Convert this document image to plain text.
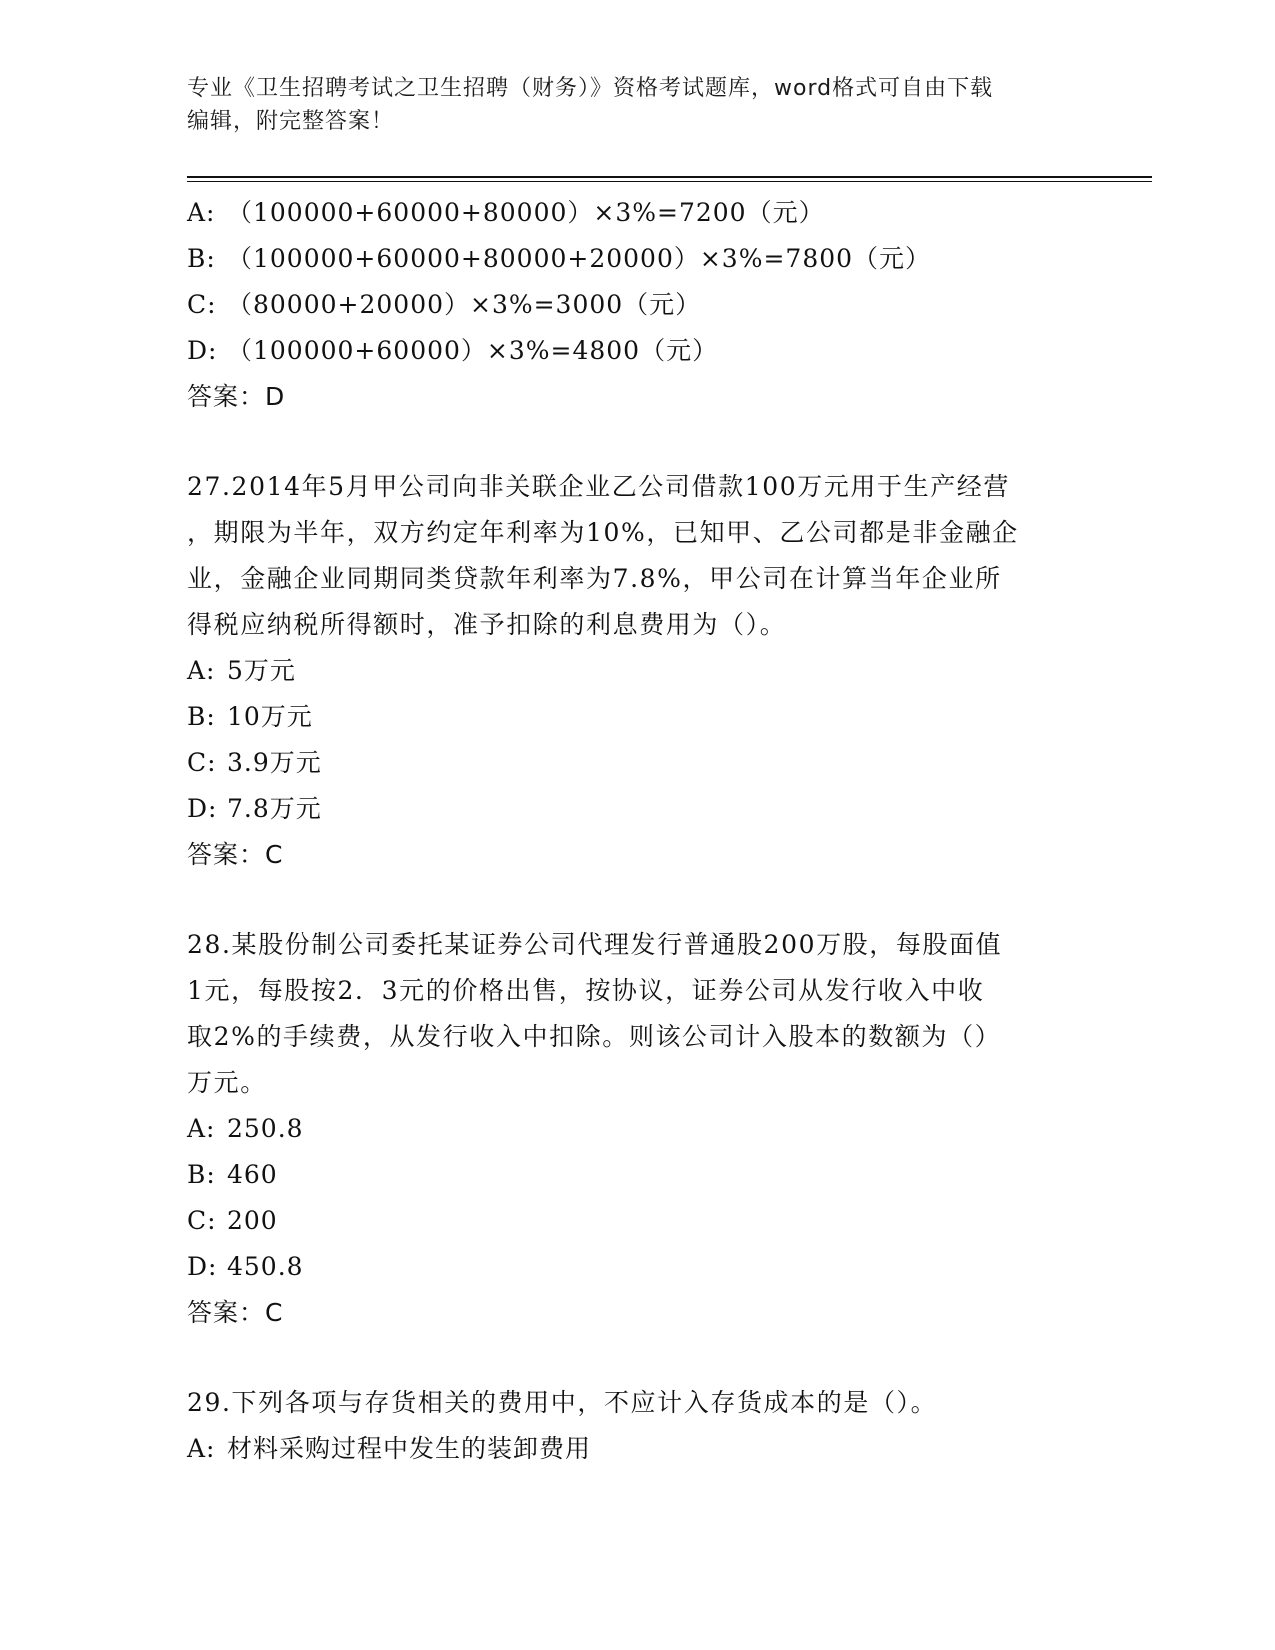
专业《卫生招聘考试之卫生招聘（财务）》资格考试题库，word格式可自由下载
编辑，附完整答案！
A: （100000+60000+80000）×3%=7200（元）
B: （100000+60000+80000+20000）×3%=7800（元）
C: （80000+20000）×3%=3000（元）
D: （100000+60000）×3%=4800（元）
答案：D
27.2014年5月甲公司向非关联企业乙公司借款100万元用于生产经营
，期限为半年，双方约定年利率为10%，已知甲、乙公司都是非金融企
业，金融企业同期同类贷款年利率为7.8%，甲公司在计算当年企业所
得税应纳税所得额时，准予扣除的利息费用为（）。
A: 5万元
B: 10万元
C: 3.9万元
D: 7.8万元
答案：C
28.某股份制公司委托某证券公司代理发行普通股200万股，每股面值
1元，每股按2．3元的价格出售，按协议，证券公司从发行收入中收
取2%的手续费，从发行收入中扣除。则该公司计入股本的数额为（）
万元。
A: 250.8
B: 460
C: 200
D: 450.8
答案：C
29.下列各项与存货相关的费用中，不应计入存货成本的是（）。
A: 材料采购过程中发生的装卸费用
